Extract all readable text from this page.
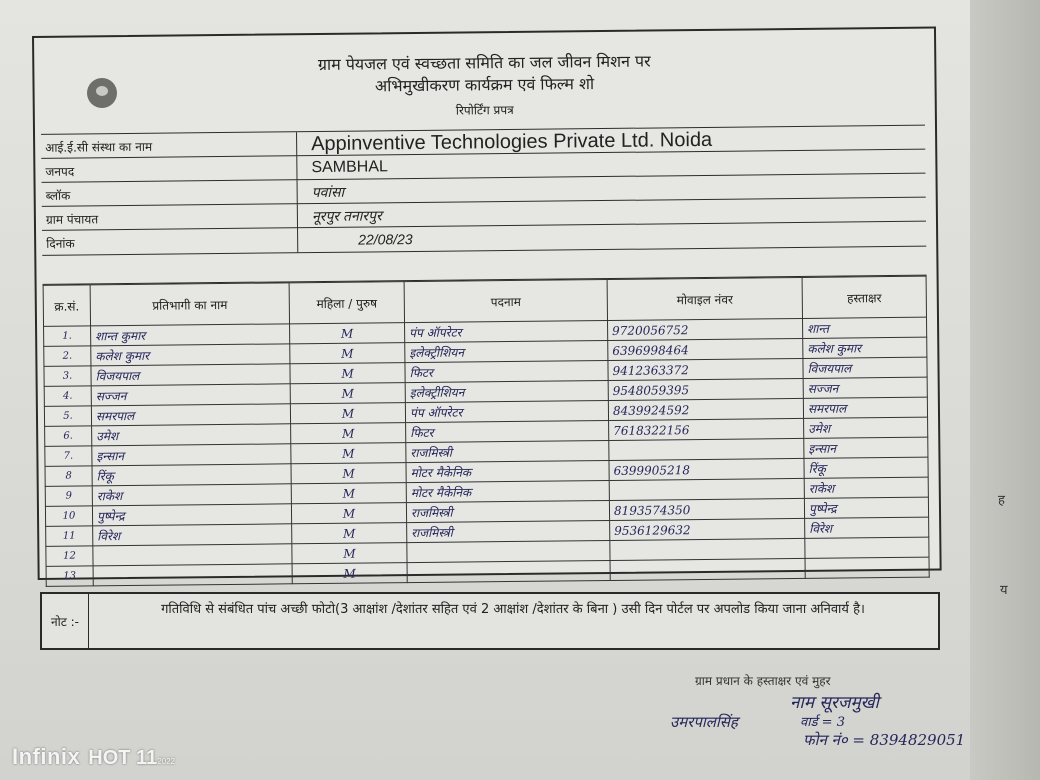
ह
य
ग्राम पेयजल एवं स्वच्छता समिति का जल जीवन मिशन पर
अभिमुखीकरण कार्यक्रम एवं फिल्म शो
रिपोर्टिंग प्रपत्र
आई.ई.सी संस्था का नाम	Appinventive Technologies Private Ltd. Noida
जनपद	SAMBHAL
ब्लॉक	पवांसा
ग्राम पंचायत	नूरपुर तनारपुर
दिनांक	22/08/23
क्र.सं.	प्रतिभागी का नाम	महिला / पुरुष	पदनाम	मोवाइल नंवर	हस्ताक्षर
1.	शान्त कुमार	M	पंप ऑपरेटर	9720056752	शान्त
2.	कलेश कुमार	M	इलेक्ट्रीशियन	6396998464	कलेश कुमार
3.	विजयपाल	M	फिटर	9412363372	विजयपाल
4.	सज्जन	M	इलेक्ट्रीशियन	9548059395	सज्जन
5.	समरपाल	M	पंप ऑपरेटर	8439924592	समरपाल
6.	उमेश	M	फिटर	7618322156	उमेश
7.	इन्सान	M	राजमिस्त्री		इन्सान
8	रिंकू	M	मोटर मैकेनिक	6399905218	रिंकू
9	राकेश	M	मोटर मैकेनिक		राकेश
10	पुष्पेन्द्र	M	राजमिस्त्री	8193574350	पुष्पेन्द्र
11	विरेश	M	राजमिस्त्री	9536129632	विरेश
12		M			
13		M			
नोट :-
गतिविधि से संबंधित पांच अच्छी फोटो(3 आक्षांश /देशांतर सहित एवं 2 आक्षांश /देशांतर के बिना ) उसी दिन पोर्टल पर अपलोड किया जाना अनिवार्य है।
ग्राम प्रधान के हस्ताक्षर एवं मुहर
नाम सूरजमुखी
उमरपालसिंह	वार्ड = 3
फोन नं० = 8394829051
Infinix HOT 112022
